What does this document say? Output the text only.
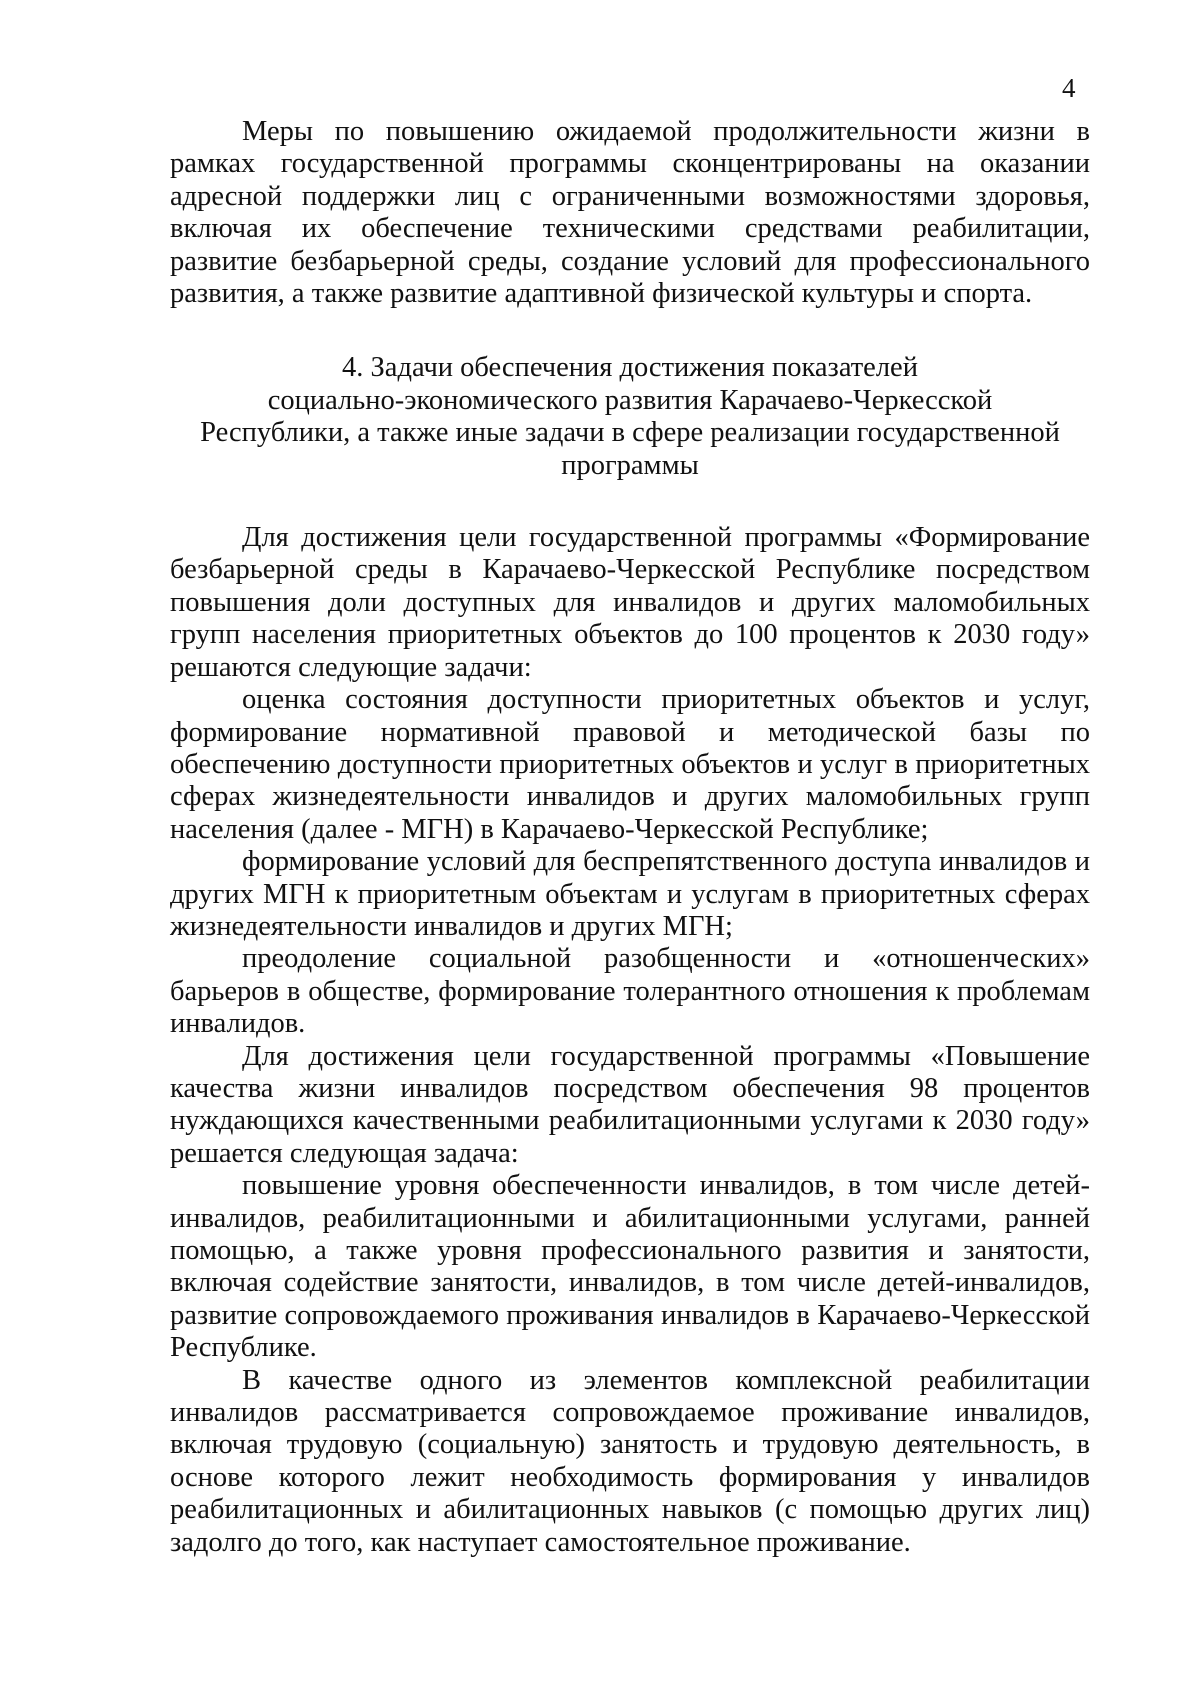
4

Меры по повышению ожидаемой продолжительности жизни в рамках государственной программы сконцентрированы на оказании адресной поддержки лиц с ограниченными возможностями здоровья, включая их обеспечение техническими средствами реабилитации, развитие безбарьерной среды, создание условий для профессионального развития, а также развитие адаптивной физической культуры и спорта.

4. Задачи обеспечения достижения показателей
социально-экономического развития Карачаево-Черкесской
Республики, а также иные задачи в сфере реализации государственной
программы

Для достижения цели государственной программы «Формирование безбарьерной среды в Карачаево-Черкесской Республике посредством повышения доли доступных для инвалидов и других маломобильных групп населения приоритетных объектов до 100 процентов к 2030 году» решаются следующие задачи:

оценка состояния доступности приоритетных объектов и услуг, формирование нормативной правовой и методической базы по обеспечению доступности приоритетных объектов и услуг в приоритетных сферах жизнедеятельности инвалидов и других маломобильных групп населения (далее - МГН) в Карачаево-Черкесской Республике;

формирование условий для беспрепятственного доступа инвалидов и других МГН к приоритетным объектам и услугам в приоритетных сферах жизнедеятельности инвалидов и других МГН;

преодоление социальной разобщенности и «отношенческих» барьеров в обществе, формирование толерантного отношения к проблемам инвалидов.

Для достижения цели государственной программы «Повышение качества жизни инвалидов посредством обеспечения 98 процентов нуждающихся качественными реабилитационными услугами к 2030 году» решается следующая задача:

повышение уровня обеспеченности инвалидов, в том числе детей-инвалидов, реабилитационными и абилитационными услугами, ранней помощью, а также уровня профессионального развития и занятости, включая содействие занятости, инвалидов, в том числе детей-инвалидов, развитие сопровождаемого проживания инвалидов в Карачаево-Черкесской Республике.

В качестве одного из элементов комплексной реабилитации инвалидов рассматривается сопровождаемое проживание инвалидов, включая трудовую (социальную) занятость и трудовую деятельность, в основе которого лежит необходимость формирования у инвалидов реабилитационных и абилитационных навыков (с помощью других лиц) задолго до того, как наступает самостоятельное проживание.
